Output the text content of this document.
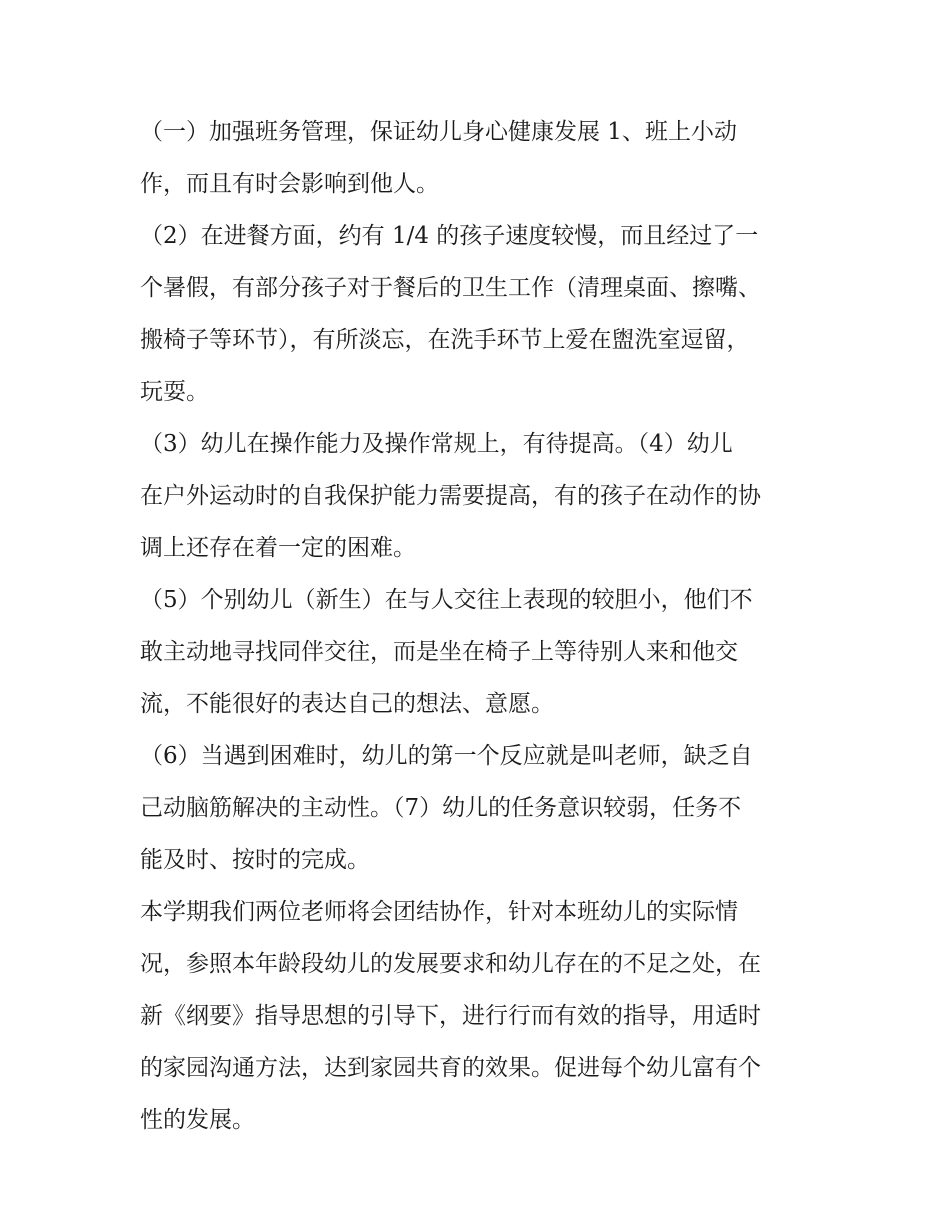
（一）加强班务管理，保证幼儿身心健康发展 1、班上小动
作，而且有时会影响到他人。

（2）在进餐方面，约有 1/4 的孩子速度较慢，而且经过了一
个暑假，有部分孩子对于餐后的卫生工作（清理桌面、擦嘴、
搬椅子等环节），有所淡忘，在洗手环节上爱在盥洗室逗留，
玩耍。

（3）幼儿在操作能力及操作常规上，有待提高。（4）幼儿
在户外运动时的自我保护能力需要提高，有的孩子在动作的协
调上还存在着一定的困难。

（5）个别幼儿（新生）在与人交往上表现的较胆小，他们不
敢主动地寻找同伴交往，而是坐在椅子上等待别人来和他交
流，不能很好的表达自己的想法、意愿。

（6）当遇到困难时，幼儿的第一个反应就是叫老师，缺乏自
己动脑筋解决的主动性。（7）幼儿的任务意识较弱，任务不
能及时、按时的完成。

本学期我们两位老师将会团结协作，针对本班幼儿的实际情
况，参照本年龄段幼儿的发展要求和幼儿存在的不足之处，在
新《纲要》指导思想的引导下，进行行而有效的指导，用适时
的家园沟通方法，达到家园共育的效果。促进每个幼儿富有个
性的发展。
